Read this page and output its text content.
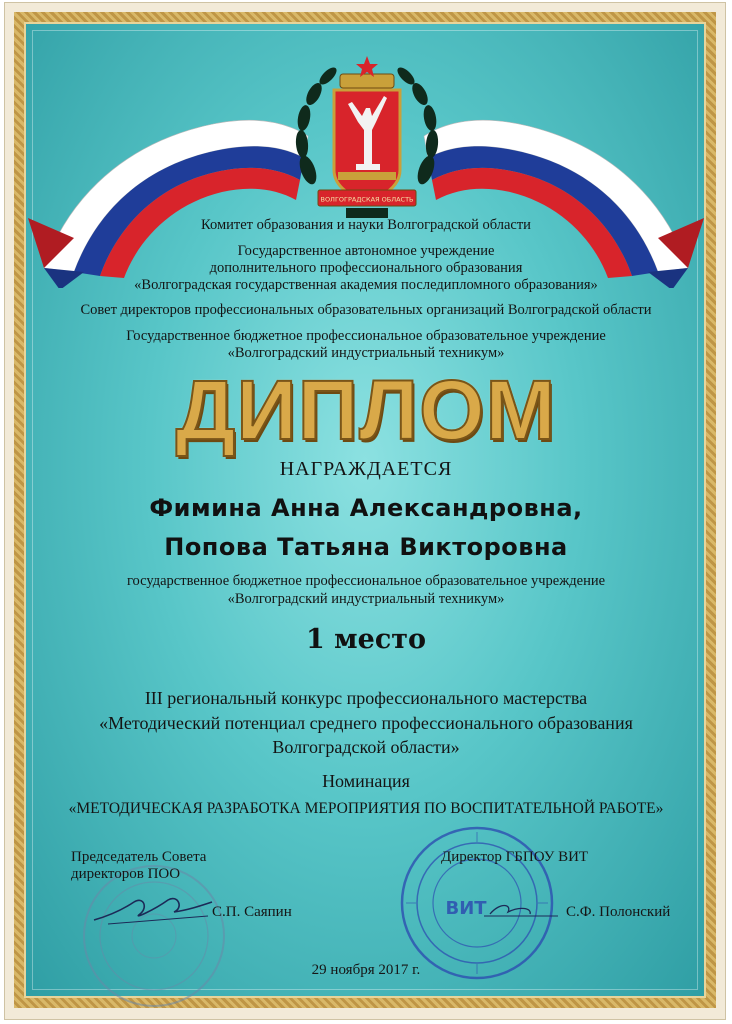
ВОЛГОГРАДСКАЯ ОБЛАСТЬ
Комитет образования и науки Волгоградской области
Государственное автономное учреждение
дополнительного профессионального образования
«Волгоградская государственная академия последипломного образования»
Совет директоров профессиональных образовательных организаций Волгоградской области
Государственное бюджетное профессиональное образовательное учреждение
«Волгоградский индустриальный техникум»
ДИПЛОМ
НАГРАЖДАЕТСЯ
Фимина Анна Александровна,
Попова Татьяна Викторовна
государственное бюджетное профессиональное образовательное учреждение
«Волгоградский индустриальный техникум»
1 место
III региональный конкурс профессионального мастерства
«Методический потенциал среднего профессионального образования
Волгоградской области»
Номинация
«МЕТОДИЧЕСКАЯ РАЗРАБОТКА МЕРОПРИЯТИЯ ПО ВОСПИТАТЕЛЬНОЙ РАБОТЕ»
ВИТ
Председатель Совета
директоров ПОО
С.П. Саяпин
Директор ГБПОУ ВИТ
С.Ф. Полонский
29 ноября 2017 г.
